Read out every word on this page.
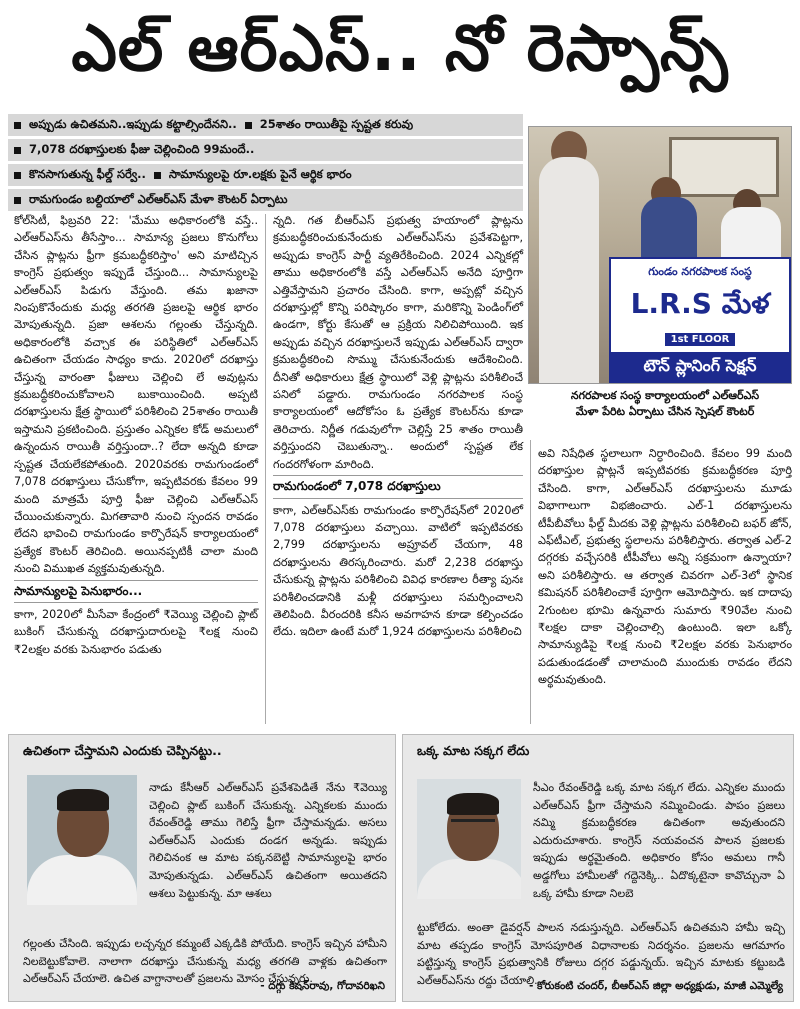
ఎల్ ఆర్ఎస్.. నో రెస్పాన్స్
అప్పుడు ఉచితమని..ఇప్పుడు కట్టాల్సిందేనని.. 25శాతం రాయితీపై స్పష్టత కరువు
7,078 దరఖాస్తులకు ఫీజు చెల్లించింది 99మందే..
కొనసాగుతున్న ఫీల్డ్ సర్వే.. సామాన్యులపై రూ.లక్షకు పైనే ఆర్థిక భారం
రామగుండం బల్దియాలో ఎల్ఆర్ఎస్ మేళా కౌంటర్ ఏర్పాటు
గుండం నగరపాలక సంస్థ
L.R.S మేళ
1st FLOOR
టౌన్ ప్లానింగ్ సెక్షన్
నగరపాలక సంస్థ కార్యాలయంలో ఎల్ఆర్ఎస్
మేళా పేరిట ఏర్పాటు చేసిన స్పెషల్ కౌంటర్

కోల్‌సిటీ, ఫిబ్రవరి 22: 'మేము అధికారంలోకి వస్తే.. ఎల్ఆర్ఎస్‌ను తీసేస్తాం... సామాన్య ప్రజలు కొనుగోలు చేసిన ప్లాట్లను ఫ్రీగా క్రమబద్ధీకరిస్తాం' అని మాటిచ్చిన కాంగ్రెస్ ప్రభుత్వం ఇప్పుడే చేస్తుంది... సామాన్యులపై ఎల్ఆర్ఎస్ పిడుగు వేస్తుంది. తమ ఖజానా నింపుకొనేందుకు మధ్య తరగతి ప్రజలపై ఆర్థిక భారం మోపుతున్నది. ప్రజా ఆశలను గల్లంతు చేస్తున్నది. అధికారంలోకి వచ్చాక ఈ పరిస్థితిలో ఎల్ఆర్ఎస్ ఉచితంగా చేయడం సాధ్యం కాదు. 2020లో దరఖాస్తు చేస్తున్న వారంతా ఫీజులు చెల్లించి లే అవుట్లను క్రమబద్ధీకరించుకోవాలని బుకాయించింది. అప్పటి దరఖాస్తులను క్షేత్ర స్థాయిలో పరిశీలించి 25శాతం రాయితీ ఇస్తామని ప్రకటించింది. ప్రస్తుతం ఎన్నికల కోడ్ అమలులో ఉన్నందున రాయితీ వర్తిస్తుందా..? లేదా అన్నది కూడా స్పష్టత చేయలేకపోతుంది. 2020వరకు రామగుండంలో 7,078 దరఖాస్తులు చేసుకోగా, ఇప్పటివరకు కేవలం 99 మంది మాత్రమే పూర్తి ఫీజు చెల్లించి ఎల్ఆర్ఎస్ చేయించుకున్నారు. మిగతావారి నుంచి స్పందన రావడం లేదని భావించి రామగుండం కార్పొరేషన్ కార్యాలయంలో ప్రత్యేక కౌంటర్ తెరిచింది. అయినప్పటికీ చాలా మంది నుంచి విముఖత వ్యక్తమవుతున్నది.

సామాన్యులపై పెనుభారం...

కాగా, 2020లో మీసేవా కేంద్రంలో ₹వెయ్యి చెల్లించి ప్లాట్ బుకింగ్ చేసుకున్న దరఖాస్తుదారులపై ₹లక్ష నుంచి ₹2లక్షల వరకు పెనుభారం పడుతు

న్నది. గత బీఆర్ఎస్ ప్రభుత్వ హయాంలో ప్లాట్లను క్రమబద్ధీకరించుకునేందుకు ఎల్ఆర్ఎస్‌ను ప్రవేశపెట్టగా, అప్పుడు కాంగ్రెస్ పార్టీ వ్యతిరేకించింది. 2024 ఎన్నికల్లో తాము అధికారంలోకి వస్తే ఎల్ఆర్ఎస్ అనేది పూర్తిగా ఎత్తివేస్తామని ప్రచారం చేసింది. కాగా, అప్పట్లో వచ్చిన దరఖాస్తుల్లో కొన్ని పరిష్కారం కాగా, మరికొన్ని పెండింగ్‌లో ఉండగా, కోర్టు కేసుతో ఆ ప్రక్రియ నిలిచిపోయింది. ఇక అప్పుడు వచ్చిన దరఖాస్తులనే ఇప్పుడు ఎల్ఆర్ఎస్ ద్వారా క్రమబద్ధీకరించి సొమ్ము చేసుకునేందుకు ఆదేశించింది. దీనితో అధికారులు క్షేత్ర స్థాయిలో వెళ్లి ప్లాట్లను పరిశీలించే పనిలో పడ్డారు. రామగుండం నగరపాలక సంస్థ కార్యాలయంలో ఆదోకోసం ఓ ప్రత్యేక కౌంటర్‌ను కూడా తెరిచారు. నిర్ణీత గడువులోగా చెల్లిస్తే 25 శాతం రాయితీ వర్తిస్తుందని చెబుతున్నా.. అందులో స్పష్టత లేక గందరగోళంగా మారింది.

రామగుండంలో 7,078 దరఖాస్తులు

కాగా, ఎల్ఆర్ఎస్‌కు రామగుండం కార్పొరేషన్‌లో 2020లో 7,078 దరఖాస్తులు వచ్చాయి. వాటిలో ఇప్పటివరకు 2,799 దరఖాస్తులను అప్రూవల్ చేయగా, 48 దరఖాస్తులను తిరస్కరించారు. మరో 2,238 దరఖాస్తు చేసుకున్న ప్లాట్లను పరిశీలించి వివిధ కారణాల రీత్యా పునః పరిశీలించడానికి మళ్లీ దరఖాస్తులు సమర్పించాలని తెలిపింది. వీరందరికి కనీస అవగాహన కూడా కల్పించడం లేదు. ఇదిలా ఉంటే మరో 1,924 దరఖాస్తులను పరిశీలించి

అవి నిషేధిత స్థలాలుగా నిర్ధారించింది. కేవలం 99 మంది దరఖాస్తుల ప్లాట్లనే ఇప్పటివరకు క్రమబద్ధీకరణ పూర్తి చేసింది. కాగా, ఎల్ఆర్ఎస్ దరఖాస్తులను మూడు విభాగాలుగా విభజించారు. ఎల్-1 దరఖాస్తులను టీపీబీవోలు ఫీల్డ్ మీదకు వెళ్లి ప్లాట్లను పరిశీలించి బఫర్ జోన్, ఎఫ్‌టీఎల్, ప్రభుత్వ స్థలాలను పరిశీలిస్తారు. తర్వాత ఎల్-2 దగ్గరకు వచ్చేసరికి టీపీవోలు అన్ని సక్రమంగా ఉన్నాయా? అని పరిశీలిస్తారు. ఆ తర్వాత చివరగా ఎల్-3లో స్థానిక కమిషనర్ పరిశీలించాకే పూర్తిగా ఆమోదిస్తారు. ఇక దాదాపు 2గుంటల భూమి ఉన్నవారు సుమారు ₹90వేల నుంచి ₹లక్షల దాకా చెల్లించాల్సి ఉంటుంది. ఇలా ఒక్కో సామాన్యుడిపై ₹లక్ష నుంచి ₹2లక్షల వరకు పెనుభారం పడుతుండడంతో చాలామంది ముందుకు రావడం లేదని అర్థమవుతుంది.

ఉచితంగా చేస్తామని ఎందుకు చెప్పినట్టు..
నాడు కేసీఆర్ ఎల్ఆర్ఎస్ ప్రవేశపెడితే నేను ₹వెయ్యి చెల్లించి ప్లాట్ బుకింగ్ చేసుకున్న. ఎన్నికలకు ముందు రేవంత్‌రెడ్డి తాము గెలిస్తే ఫ్రీగా చేస్తామన్నడు. అసలు ఎల్ఆర్ఎస్ ఎందుకు దండగ అన్నడు. ఇప్పుడు గెలిచినంక ఆ మాట పక్కనబెట్టి సామాన్యులపై భారం మోపుతున్నడు. ఎల్ఆర్ఎస్ ఉచితంగా అయితదని ఆశలు పెట్టుకున్న. మా ఆశలు
గల్లంతు చేసింది. ఇప్పుడు లచ్చన్నర కమ్మంటే ఎక్కడికి పోయేది. కాంగ్రెస్ ఇచ్చిన హామీని నిలబెట్టుకోవాలె. నాలాగా దరఖాస్తు చేసుకున్న మధ్య తరగతి వాళ్లకు ఉచితంగా ఎల్ఆర్ఎస్ చేయాలె. ఉచిత వాగ్దానాలతో ప్రజలను మోసం చేస్తున్నరు.
- దగ్గు కిషన్‌రావు, గోదావరిఖని
ఒక్క మాట సక్కగ లేదు
సీఎం రేవంత్‌రెడ్డి ఒక్క మాట సక్కగ లేదు. ఎన్నికల ముందు ఎల్ఆర్ఎస్ ఫ్రీగా చేస్తామని నమ్మించిండు. పాపం ప్రజలు నమ్మి క్రమబద్ధీకరణ ఉచితంగా అవుతుందని ఎదురుచూశారు. కాంగ్రెస్ నయవంచన పాలన ప్రజలకు ఇప్పుడు అర్థమైతంది. అధికారం కోసం అమలు గానీ అడ్డగోలు హామీలతో గద్దెనెక్కి.. ఏదొక్కటైనా కావొచ్చునా ఏ ఒక్క హామీ కూడా నిలబె
ట్టుకోలేదు. అంతా డైవర్షన్ పాలన నడుస్తున్నది. ఎల్ఆర్ఎస్ ఉచితమని హామీ ఇచ్చి మాట తప్పడం కాంగ్రెస్ మోసపూరిత విధానాలకు నిదర్శనం. ప్రజలను ఆగమాగం పట్టిస్తున్న కాంగ్రెస్ ప్రభుత్వానికి రోజులు దగ్గర పడ్డున్నయ్. ఇచ్చిన మాటకు కట్టుబడి ఎల్ఆర్ఎస్‌ను రద్దు చేయాలి.
- కోరుకంటి చందర్, బీఆర్ఎస్ జిల్లా అధ్యక్షుడు, మాజీ ఎమ్మెల్యే
